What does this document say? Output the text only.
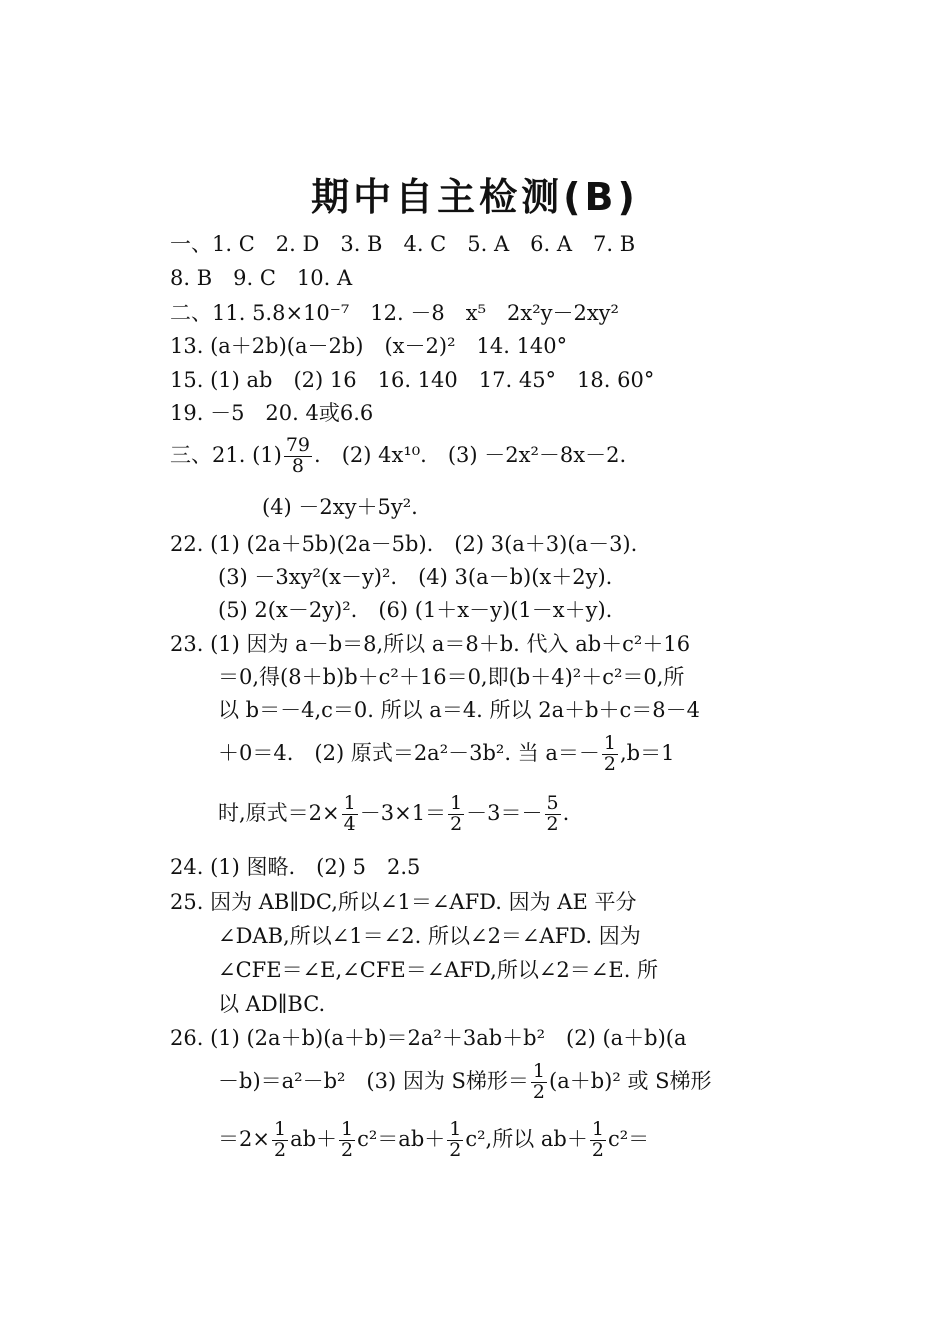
期中自主检测(B)
一、1. C　2. D　3. B　4. C　5. A　6. A　7. B
8. B　9. C　10. A
二、11. 5.8×10⁻⁷　12. －8　x⁵　2x²y－2xy²
13. (a＋2b)(a－2b)　(x－2)²　14. 140°
15. (1) ab　(2) 16　16. 140　17. 45°　18. 60°
19. －5　20. 4或6.6
三、21. $(1) \frac{79}{8}$ .　(2) 4x¹⁰.　(3) －2x²－8x－2.
(4) －2xy＋5y².
22. (1) (2a＋5b)(2a－5b).　(2) 3(a＋3)(a－3).
(3) －3xy²(x－y)².　(4) 3(a－b)(x＋2y).
(5) 2(x－2y)².　(6) (1＋x－y)(1－x＋y).
23. (1) 因为 a－b＝8,所以 a＝8＋b. 代入 ab＋c²＋16
＝0,得(8＋b)b＋c²＋16＝0,即(b＋4)²＋c²＝0,所
以 b＝－4,c＝0. 所以 a＝4. 所以 2a＋b＋c＝8－4
＋0＝4.　(2) 原式＝2a²－3b². 当 $a=- \frac{1}{2} ,b=1$
时,原式$=2\times \frac{1}{4} -3\times 1= \frac{1}{2} -3=- \frac{5}{2}$ .
24. (1) 图略.　(2) 5　2.5
25. 因为 AB∥DC,所以∠1＝∠AFD. 因为 AE 平分
∠DAB,所以∠1＝∠2. 所以∠2＝∠AFD. 因为
∠CFE＝∠E,∠CFE＝∠AFD,所以∠2＝∠E. 所
以 AD∥BC.
26. (1) (2a＋b)(a＋b)＝2a²＋3ab＋b²　(2) (a＋b)(a
－b)＝a²－b²　(3) 因为 S梯形＝ $\frac{1}{2} (a+b)^2$ 或 S梯形
$=2\times \frac{1}{2} ab+ \frac{1}{2} c^2=ab+ \frac{1}{2} c^2$,所以 $ab+ \frac{1}{2} c^2=$
